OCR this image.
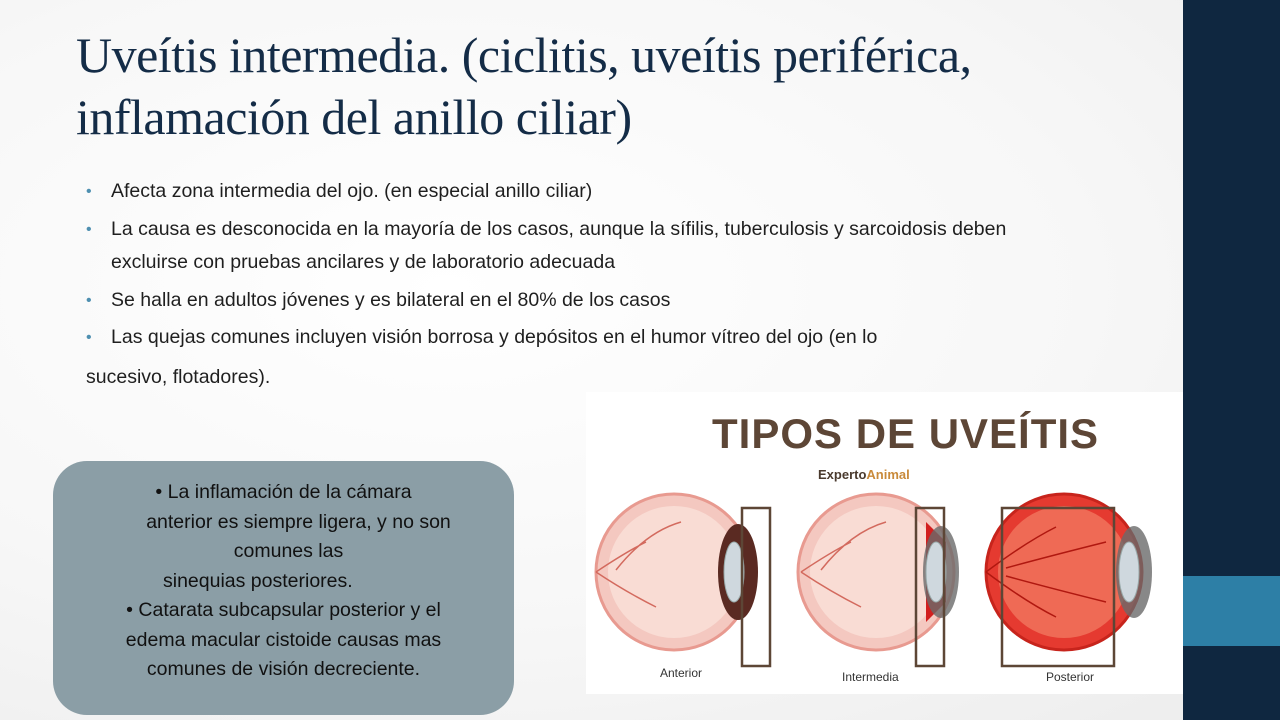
Uveítis intermedia. (ciclitis, uveítis periférica, inflamación del anillo ciliar)
• Afecta zona intermedia del ojo. (en especial anillo ciliar)
• La causa es desconocida en la mayoría de los casos, aunque la sífilis, tuberculosis y sarcoidosis deben excluirse con pruebas ancilares y de laboratorio adecuada
• Se halla en adultos jóvenes y es bilateral en el 80% de los casos
• Las quejas comunes incluyen visión borrosa y depósitos en el humor vítreo del ojo (en lo
sucesivo, flotadores).
• La inflamación de la cámara
anterior es siempre ligera, y no son
comunes las
sinequias posteriores.
• Catarata subcapsular posterior y el
edema macular cistoide causas mas
comunes de visión decreciente.
TIPOS DE UVEÍTIS
ExpertoAnimal
Anterior	Intermedia	Posterior
